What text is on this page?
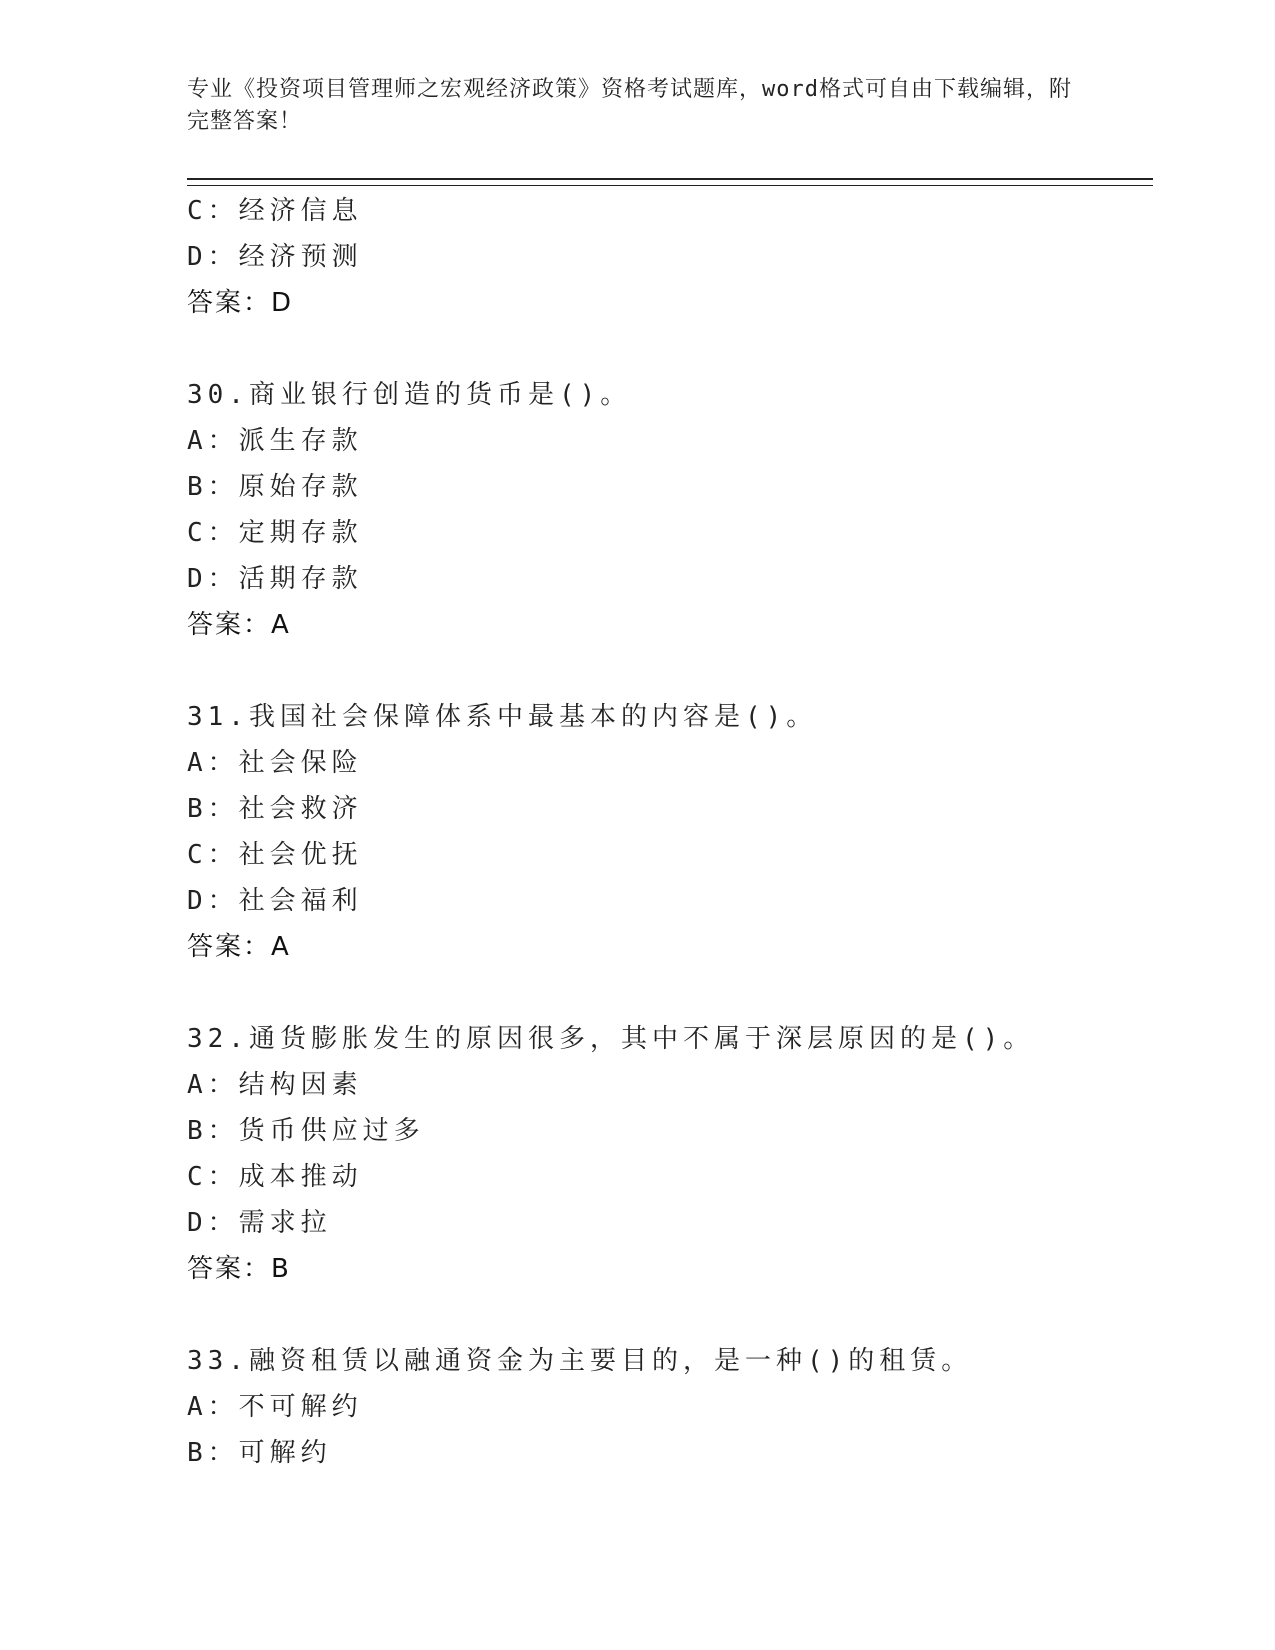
专业《投资项目管理师之宏观经济政策》资格考试题库，word格式可自由下载编辑，附完整答案！
C：经济信息
D：经济预测
答案：D
30.商业银行创造的货币是()。
A：派生存款
B：原始存款
C：定期存款
D：活期存款
答案：A
31.我国社会保障体系中最基本的内容是()。
A：社会保险
B：社会救济
C：社会优抚
D：社会福利
答案：A
32.通货膨胀发生的原因很多，其中不属于深层原因的是()。
A：结构因素
B：货币供应过多
C：成本推动
D：需求拉
答案：B
33.融资租赁以融通资金为主要目的，是一种()的租赁。
A：不可解约
B：可解约
